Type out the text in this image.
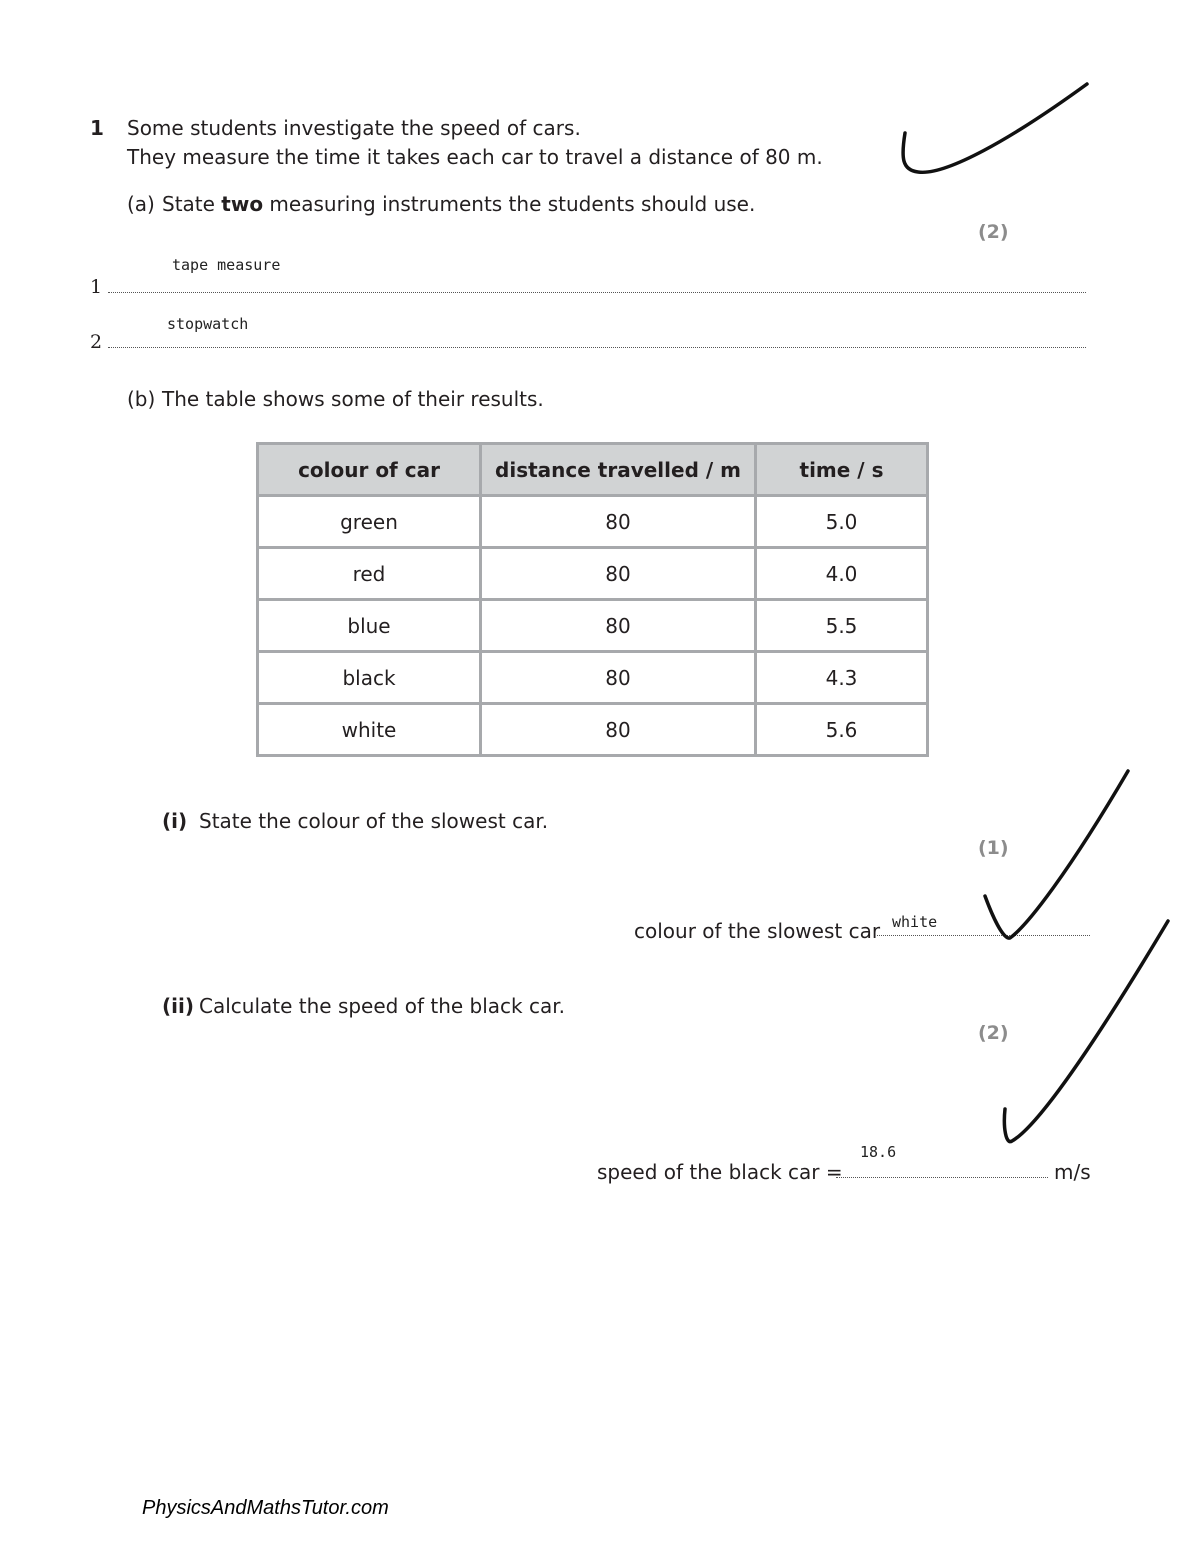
1 Some students investigate the speed of cars.
They measure the time it takes each car to travel a distance of 80 m.
(a) State two measuring instruments the students should use.
(2)
tape measure
1
stopwatch
2
(b) The table shows some of their results.
colour of car	distance travelled / m	time / s
green	80	5.0
red	80	4.0
blue	80	5.5
black	80	4.3
white	80	5.6
(i) State the colour of the slowest car.
(1)
colour of the slowest car white
(ii) Calculate the speed of the black car.
(2)
speed of the black car =
18.6
m/s
PhysicsAndMathsTutor.com
